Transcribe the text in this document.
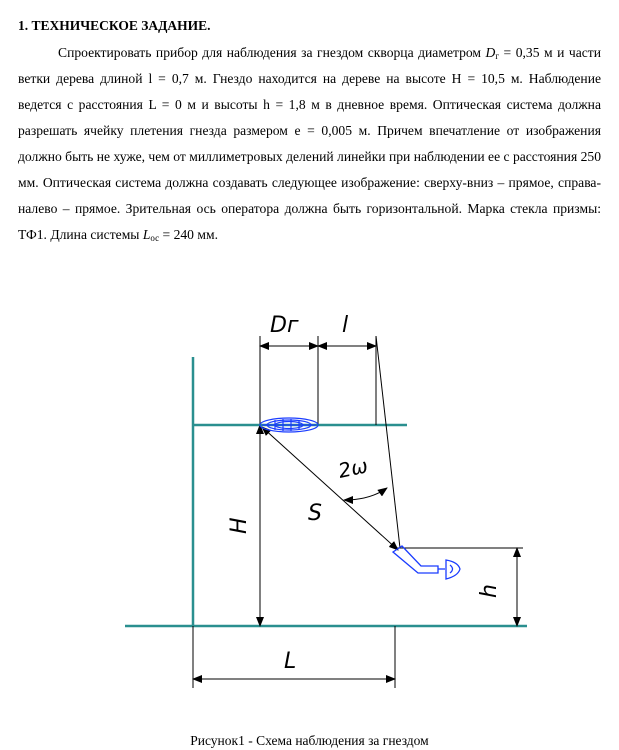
1. ТЕХНИЧЕСКОЕ ЗАДАНИЕ.
Спроектировать прибор для наблюдения за гнездом скворца диаметром $D_г = 0,35$ м и части ветки дерева длиной l = 0,7 м. Гнездо находится на дереве на высоте H = 10,5 м. Наблюдение ведется с расстояния L = 0 м и высоты h = 1,8 м в дневное время. Оптическая система должна разрешать ячейку плетения гнезда размером е = 0,005 м. Причем впечатление от изображения должно быть не хуже, чем от миллиметровых делений линейки при наблюдении ее с расстояния 250 мм. Оптическая система должна создавать следующее изображение: сверху-вниз – прямое, справа-налево – прямое. Зрительная ось оператора должна быть горизонтальной. Марка стекла призмы: ТФ1. Длина системы $L_{ос} = 240$ мм.
Dг l
2ω
S
H
h
L
Рисунок1 - Схема наблюдения за гнездом
